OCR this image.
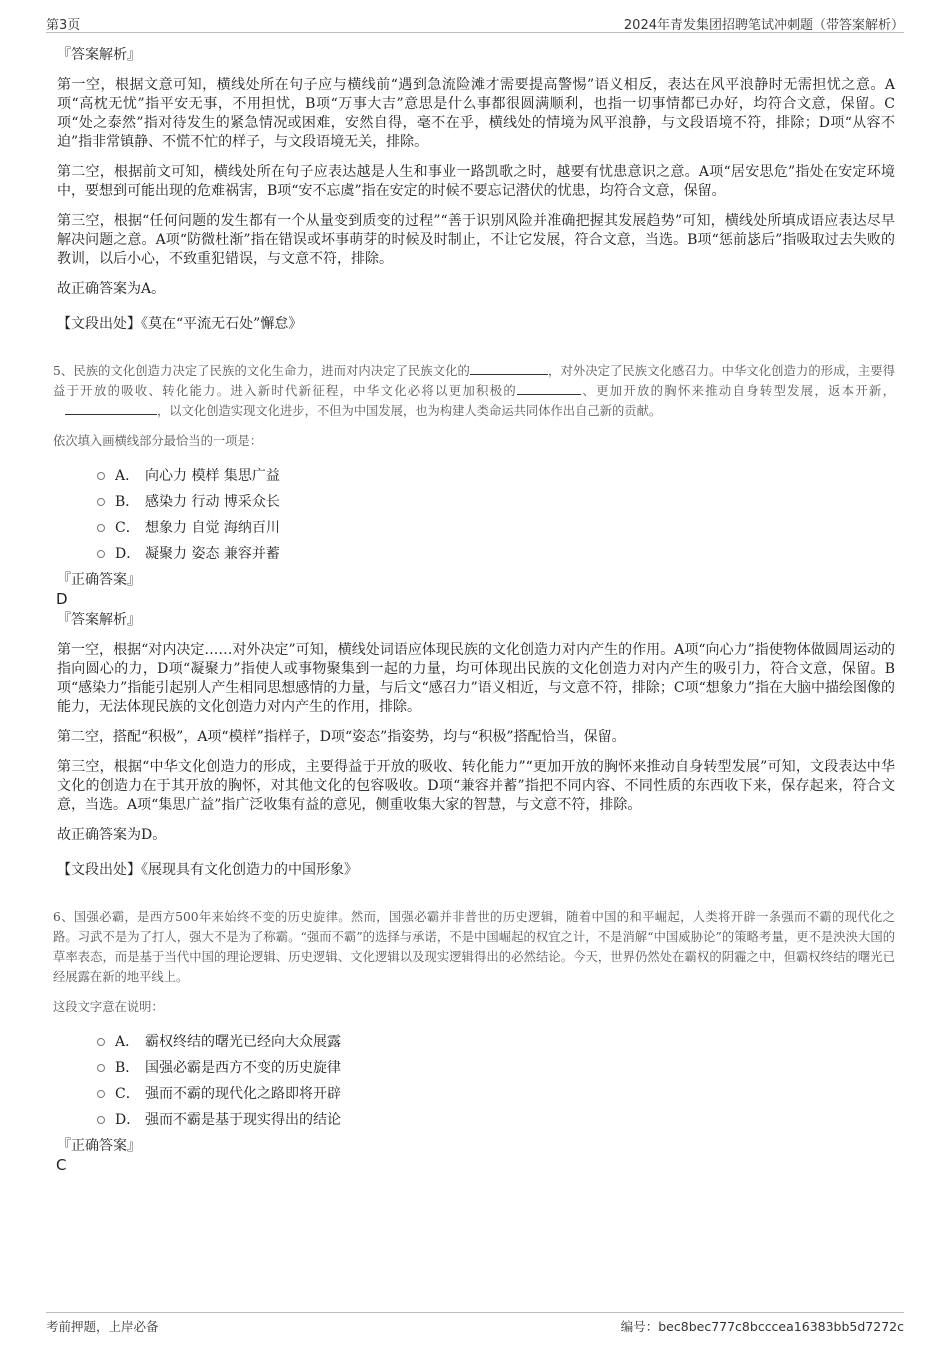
第3页	2024年青发集团招聘笔试冲刺题（带答案解析）
『答案解析』

第一空，根据文意可知，横线处所在句子应与横线前“遇到急流险滩才需要提高警惕”语义相反，表达在风平浪静时无需担忧之意。A项“高枕无忧”指平安无事，不用担忧，B项“万事大吉”意思是什么事都很圆满顺利，也指一切事情都已办好，均符合文意，保留。C项“处之泰然”指对待发生的紧急情况或困难，安然自得，毫不在乎，横线处的情境为风平浪静，与文段语境不符，排除；D项“从容不迫”指非常镇静、不慌不忙的样子，与文段语境无关，排除。

第二空，根据前文可知，横线处所在句子应表达越是人生和事业一路凯歌之时，越要有忧患意识之意。A项“居安思危”指处在安定环境中，要想到可能出现的危难祸害，B项“安不忘虞”指在安定的时候不要忘记潜伏的忧患，均符合文意，保留。

第三空，根据“任何问题的发生都有一个从量变到质变的过程”“善于识别风险并准确把握其发展趋势”可知，横线处所填成语应表达尽早解决问题之意。A项“防微杜渐”指在错误或坏事萌芽的时候及时制止，不让它发展，符合文意，当选。B项“惩前毖后”指吸取过去失败的教训，以后小心，不致重犯错误，与文意不符，排除。

故正确答案为A。

【文段出处】《莫在“平流无石处”懈怠》

5、民族的文化创造力决定了民族的文化生命力，进而对内决定了民族文化的	，对外决定了民族文化感召力。中华文化创造力的形成，主要得益于开放的吸收、转化能力。进入新时代新征程，中华文化必将以更加积极的	、更加开放的胸怀来推动自身转型发展，返本开新，，以文化创造实现文化进步，不但为中国发展，也为构建人类命运共同体作出自己新的贡献。

依次填入画横线部分最恰当的一项是：
A． 向心力 模样 集思广益
B． 感染力 行动 博采众长
C． 想象力 自觉 海纳百川
D． 凝聚力 姿态 兼容并蓄
『正确答案』
D
『答案解析』

第一空，根据“对内决定……对外决定”可知，横线处词语应体现民族的文化创造力对内产生的作用。A项“向心力”指使物体做圆周运动的指向圆心的力，D项“凝聚力”指使人或事物聚集到一起的力量，均可体现出民族的文化创造力对内产生的吸引力，符合文意，保留。B项“感染力”指能引起别人产生相同思想感情的力量，与后文“感召力”语义相近，与文意不符，排除；C项“想象力”指在大脑中描绘图像的能力，无法体现民族的文化创造力对内产生的作用，排除。

第二空，搭配“积极”，A项“模样”指样子，D项“姿态”指姿势，均与“积极”搭配恰当，保留。

第三空，根据“中华文化创造力的形成，主要得益于开放的吸收、转化能力”“更加开放的胸怀来推动自身转型发展”可知，文段表达中华文化的创造力在于其开放的胸怀，对其他文化的包容吸收。D项“兼容并蓄”指把不同内容、不同性质的东西收下来，保存起来，符合文意，当选。A项“集思广益”指广泛收集有益的意见，侧重收集大家的智慧，与文意不符，排除。

故正确答案为D。

【文段出处】《展现具有文化创造力的中国形象》

6、国强必霸，是西方500年来始终不变的历史旋律。然而，国强必霸并非普世的历史逻辑，随着中国的和平崛起，人类将开辟一条强而不霸的现代化之路。习武不是为了打人，强大不是为了称霸。“强而不霸”的选择与承诺，不是中国崛起的权宜之计，不是消解“中国威胁论”的策略考量，更不是泱泱大国的草率表态，而是基于当代中国的理论逻辑、历史逻辑、文化逻辑以及现实逻辑得出的必然结论。今天，世界仍然处在霸权的阴霾之中，但霸权终结的曙光已经展露在新的地平线上。

这段文字意在说明：
A． 霸权终结的曙光已经向大众展露
B． 国强必霸是西方不变的历史旋律
C． 强而不霸的现代化之路即将开辟
D． 强而不霸是基于现实得出的结论
『正确答案』
C
考前押题，上岸必备	编号：bec8bec777c8bcccea16383bb5d7272c
